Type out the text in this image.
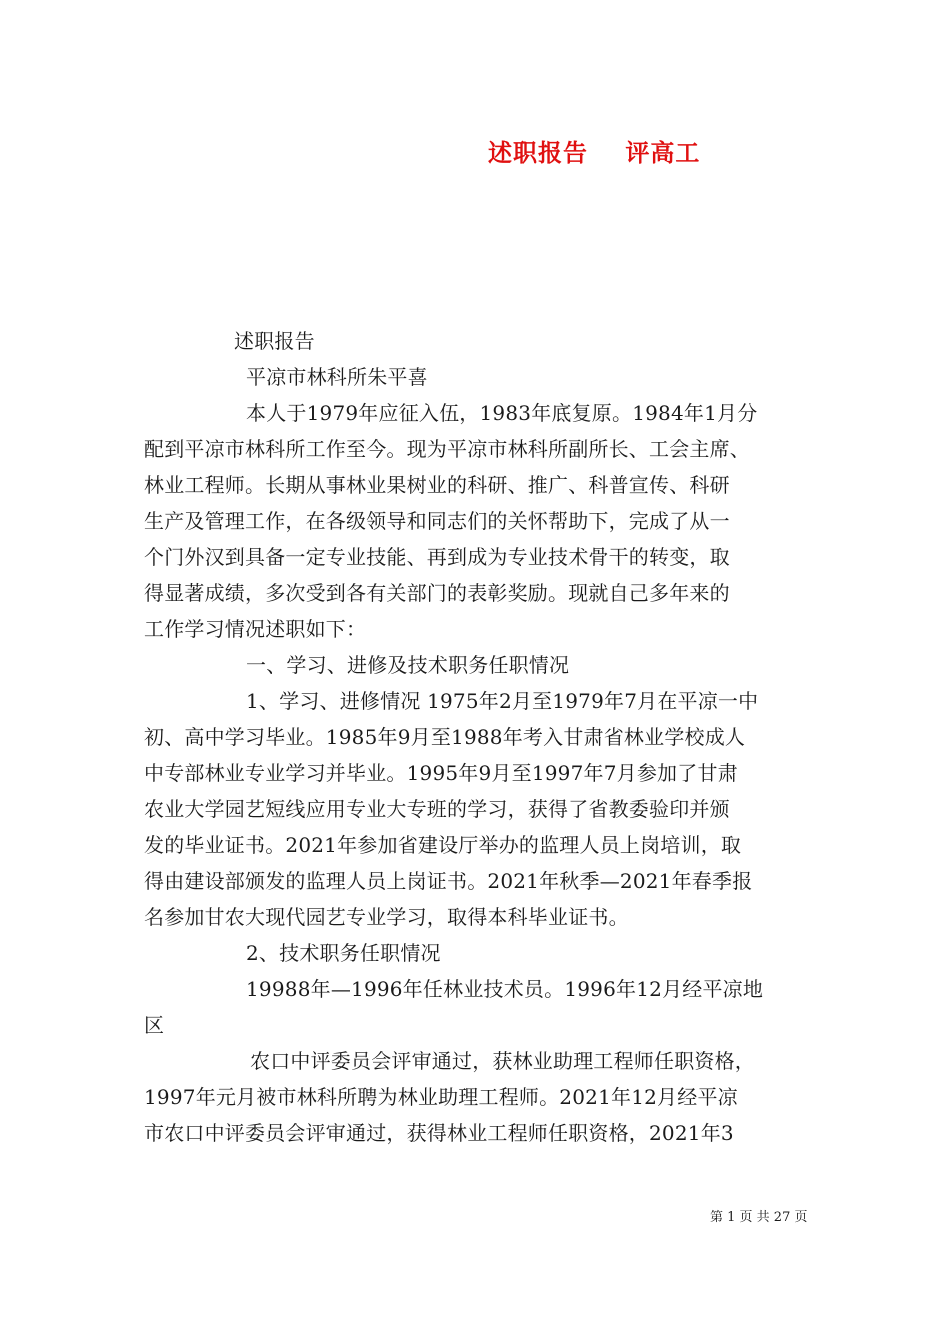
述职报告    评高工
述职报告
平凉市林科所朱平喜
本人于1979年应征入伍，1983年底复原。1984年1月分
配到平凉市林科所工作至今。现为平凉市林科所副所长、工会主席、
林业工程师。长期从事林业果树业的科研、推广、科普宣传、科研
生产及管理工作，在各级领导和同志们的关怀帮助下，完成了从一
个门外汉到具备一定专业技能、再到成为专业技术骨干的转变，取
得显著成绩，多次受到各有关部门的表彰奖励。现就自己多年来的
工作学习情况述职如下：
一、学习、进修及技术职务任职情况
1、学习、进修情况 1975年2月至1979年7月在平凉一中
初、高中学习毕业。1985年9月至1988年考入甘肃省林业学校成人
中专部林业专业学习并毕业。1995年9月至1997年7月参加了甘肃
农业大学园艺短线应用专业大专班的学习，获得了省教委验印并颁
发的毕业证书。2021年参加省建设厅举办的监理人员上岗培训，取
得由建设部颁发的监理人员上岗证书。2021年秋季—2021年春季报
名参加甘农大现代园艺专业学习，取得本科毕业证书。
2、技术职务任职情况
19988年—1996年任林业技术员。1996年12月经平凉地
区
农口中评委员会评审通过，获林业助理工程师任职资格，
1997年元月被市林科所聘为林业助理工程师。2021年12月经平凉
市农口中评委员会评审通过，获得林业工程师任职资格，2021年3
第 1 页 共 27 页
